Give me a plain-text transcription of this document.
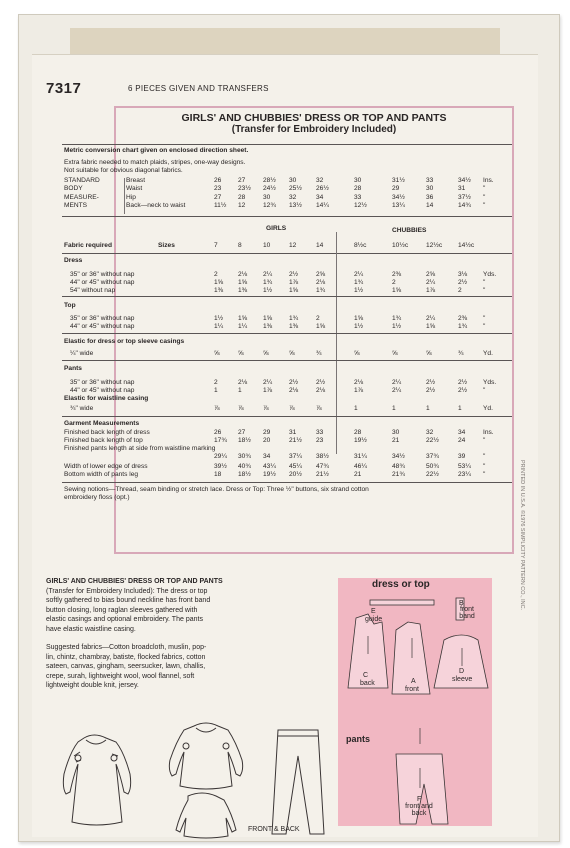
7317	6 PIECES GIVEN AND TRANSFERS
GIRLS' AND CHUBBIES' DRESS OR TOP AND PANTS
(Transfer for Embroidery Included)
Metric conversion chart given on enclosed direction sheet.
Extra fabric needed to match plaids, stripes, one-way designs.
Not suitable for obvious diagonal fabrics.
STANDARD
BODY
MEASURE-
MENTS
Breast	26	27	28½ 30	32	30	31½	33	34½ Ins.
Waist	23	23½ 24½ 25½ 26½	28	29	30	31	"
Hip	27	28	30	32	34	33	34½	36	37½ "
Back—neck to waist	11½ 12	12¾ 13½ 14¼	12½	13¼	14	14¾ "
GIRLS	CHUBBIES
Fabric required	Sizes	7	8	10	12	14	8½c	10½c	12½c 14½c
Dress
35" or 36" without nap	2	2⅛ 2¼	2½	2⅝	2¼	2⅜	2⅝	3⅛ Yds.
44" or 45" without nap	1⅝ 1⅝ 1¾	1⅞	2⅛	1¾	2	2¼	2½ "
54" without nap	1⅜ 1⅜ 1½	1⅝	1¾	1½	1⅝	1⅞	2	"
Top
35" or 36" without nap	1½ 1⅝ 1⅝	1¾	2	1⅝	1¾	2¼	2⅜ "
44" or 45" without nap	1¼ 1¼ 1⅜	1⅜	1⅝	1½	1½	1⅝	1¾ "
Elastic for dress or top sleeve casings
¼" wide	⅝	⅝	⅝	⅝	¾	⅝	⅝	⅝	¾	Yd.
Pants
35" or 36" without nap	2	2⅛ 2¼	2½	2½	2⅛	2¼	2½	2½ Yds.
44" or 45" without nap	1	1	1⅞	2⅛	2⅛	1⅞	2¼	2½	2½ "
Elastic for waistline casing
¾" wide	⅞	⅞	⅞	⅞	⅞	1	1	1	1	Yd.
Garment Measurements
Finished back length of dress	26	27	29	31	33	28	30	32	34	Ins.
Finished back length of top	17¾ 18½ 20	21½ 23	19½	21	22½	24	"
Finished pants length at side from waistline marking
29¼ 30¾ 34	37¼ 38½	31¼	34½	37¾	39	"
Width of lower edge of dress	39½ 40¾ 43¼ 45¼ 47¾	46¼	48¾	50¾	53¼ "
Bottom width of pants leg	18	18½ 19½ 20½ 21½	21	21¾	22½	23¼ "
Sewing notions—Thread, seam binding or stretch lace. Dress or Top: Three ½" buttons, six strand cotton
embroidery floss (opt.)
GIRLS' AND CHUBBIES' DRESS OR TOP AND PANTS
(Transfer for Embroidery Included): The dress or top
softly gathered to bias bound neckline has front band
button closing, long raglan sleeves gathered with
elastic casings and optional embroidery. The pants
have elastic waistline casing.
Suggested fabrics—Cotton broadcloth, muslin, pop-
lin, chintz, chambray, batiste, flocked fabrics, cotton
sateen, canvas, gingham, seersucker, lawn, challis,
crepe, surah, lightweight wool, wool flannel, soft
lightweight double knit, jersey.
FRONT & BACK
dress or top
pants
E
guide
B
front band
C
back	A
front
D
sleeve
F
front and back
PRINTED IN U.S.A. ©1976 SIMPLICITY PATTERN CO., INC.
